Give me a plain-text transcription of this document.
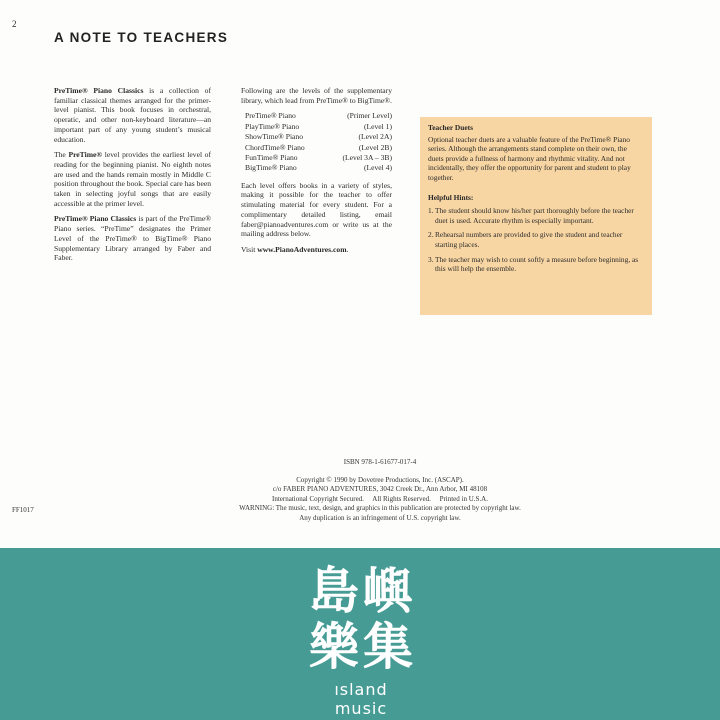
2
A NOTE TO TEACHERS

PreTime® Piano Classics is a collection of familiar classical themes arranged for the primer-level pianist. This book focuses in orchestral, operatic, and other non-keyboard literature—an important part of any young student’s musical education.

The PreTime® level provides the earliest level of reading for the beginning pianist. No eighth notes are used and the hands remain mostly in Middle C position throughout the book. Special care has been taken in selecting joyful songs that are easily accessible at the primer level.

PreTime® Piano Classics is part of the PreTime® Piano series. “PreTime” designates the Primer Level of the PreTime® to BigTime® Piano Supplementary Library arranged by Faber and Faber.

Following are the levels of the supplementary library, which lead from PreTime® to BigTime®.

PreTime® Piano	(Primer Level)
PlayTime® Piano	(Level 1)
ShowTime® Piano	(Level 2A)
ChordTime® Piano	(Level 2B)
FunTime® Piano	(Level 3A – 3B)
BigTime® Piano	(Level 4)

Each level offers books in a variety of styles, making it possible for the teacher to offer stimulating material for every student. For a complimentary detailed listing, email faber@pianoadventures.com or write us at the mailing address below.

Visit www.PianoAdventures.com.

Teacher Duets

Optional teacher duets are a valuable feature of the PreTime® Piano series. Although the arrangements stand complete on their own, the duets provide a fullness of harmony and rhythmic vitality. And not incidentally, they offer the opportunity for parent and student to play together.

Helpful Hints:
1. The student should know his/her part thoroughly before the teacher duet is used. Accurate rhythm is especially important.
2. Rehearsal numbers are provided to give the student and teacher starting places.
3. The teacher may wish to count softly a measure before beginning, as this will help the ensemble.
ISBN 978-1-61677-017-4
Copyright © 1990 by Dovetree Productions, Inc. (ASCAP).
c/o FABER PIANO ADVENTURES, 3042 Creek Dr., Ann Arbor, MI 48108
International Copyright Secured.     All Rights Reserved.     Printed in U.S.A.
WARNING: The music, text, design, and graphics in this publication are protected by copyright law.
Any duplication is an infringement of U.S. copyright law.
FF1017
島 嶼
樂 集
ısland music
